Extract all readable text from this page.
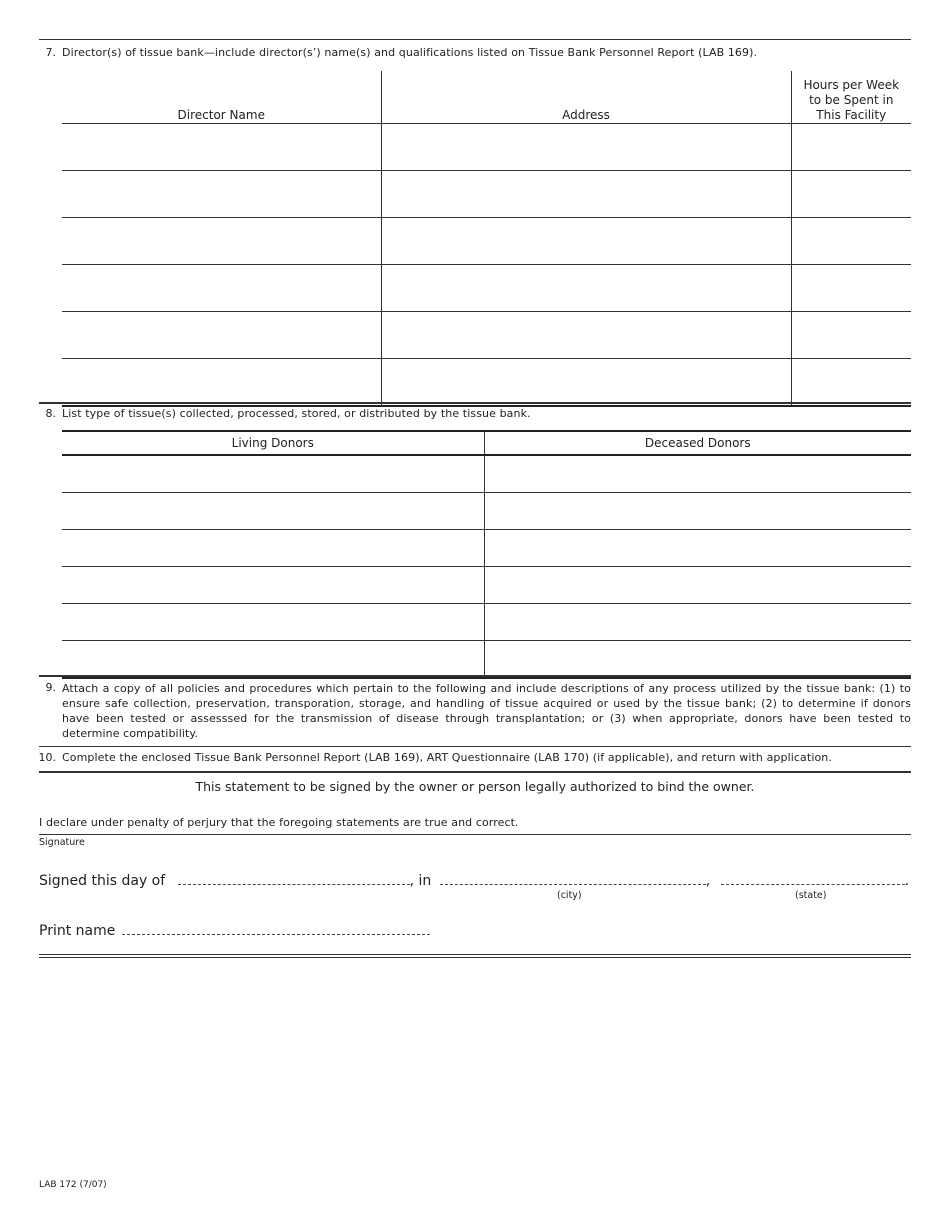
7. Director(s) of tissue bank—include director(s’) name(s) and qualifications listed on Tissue Bank Personnel Report (LAB 169).
Director Name	Address	Hours per Week to be Spent in This Facility

8. List type of tissue(s) collected, processed, stored, or distributed by the tissue bank.
Living Donors	Deceased Donors

9. Attach a copy of all policies and procedures which pertain to the following and include descriptions of any process utilized by the tissue bank: (1) to ensure safe collection, preservation, transporation, storage, and handling of tissue acquired or used by the tissue bank; (2) to determine if donors have been tested or assesssed for the transmission of disease through transplantation; or (3) when appropriate, donors have been tested to determine compatibility.
10. Complete the enclosed Tissue Bank Personnel Report (LAB 169), ART Questionnaire (LAB 170) (if applicable), and return with application.
This statement to be signed by the owner or person legally authorized to bind the owner.
I declare under penalty of perjury that the foregoing statements are true and correct.
Signature
Signed this day of	, in	,	.
(city)	(state)
Print name
LAB 172 (7/07)
